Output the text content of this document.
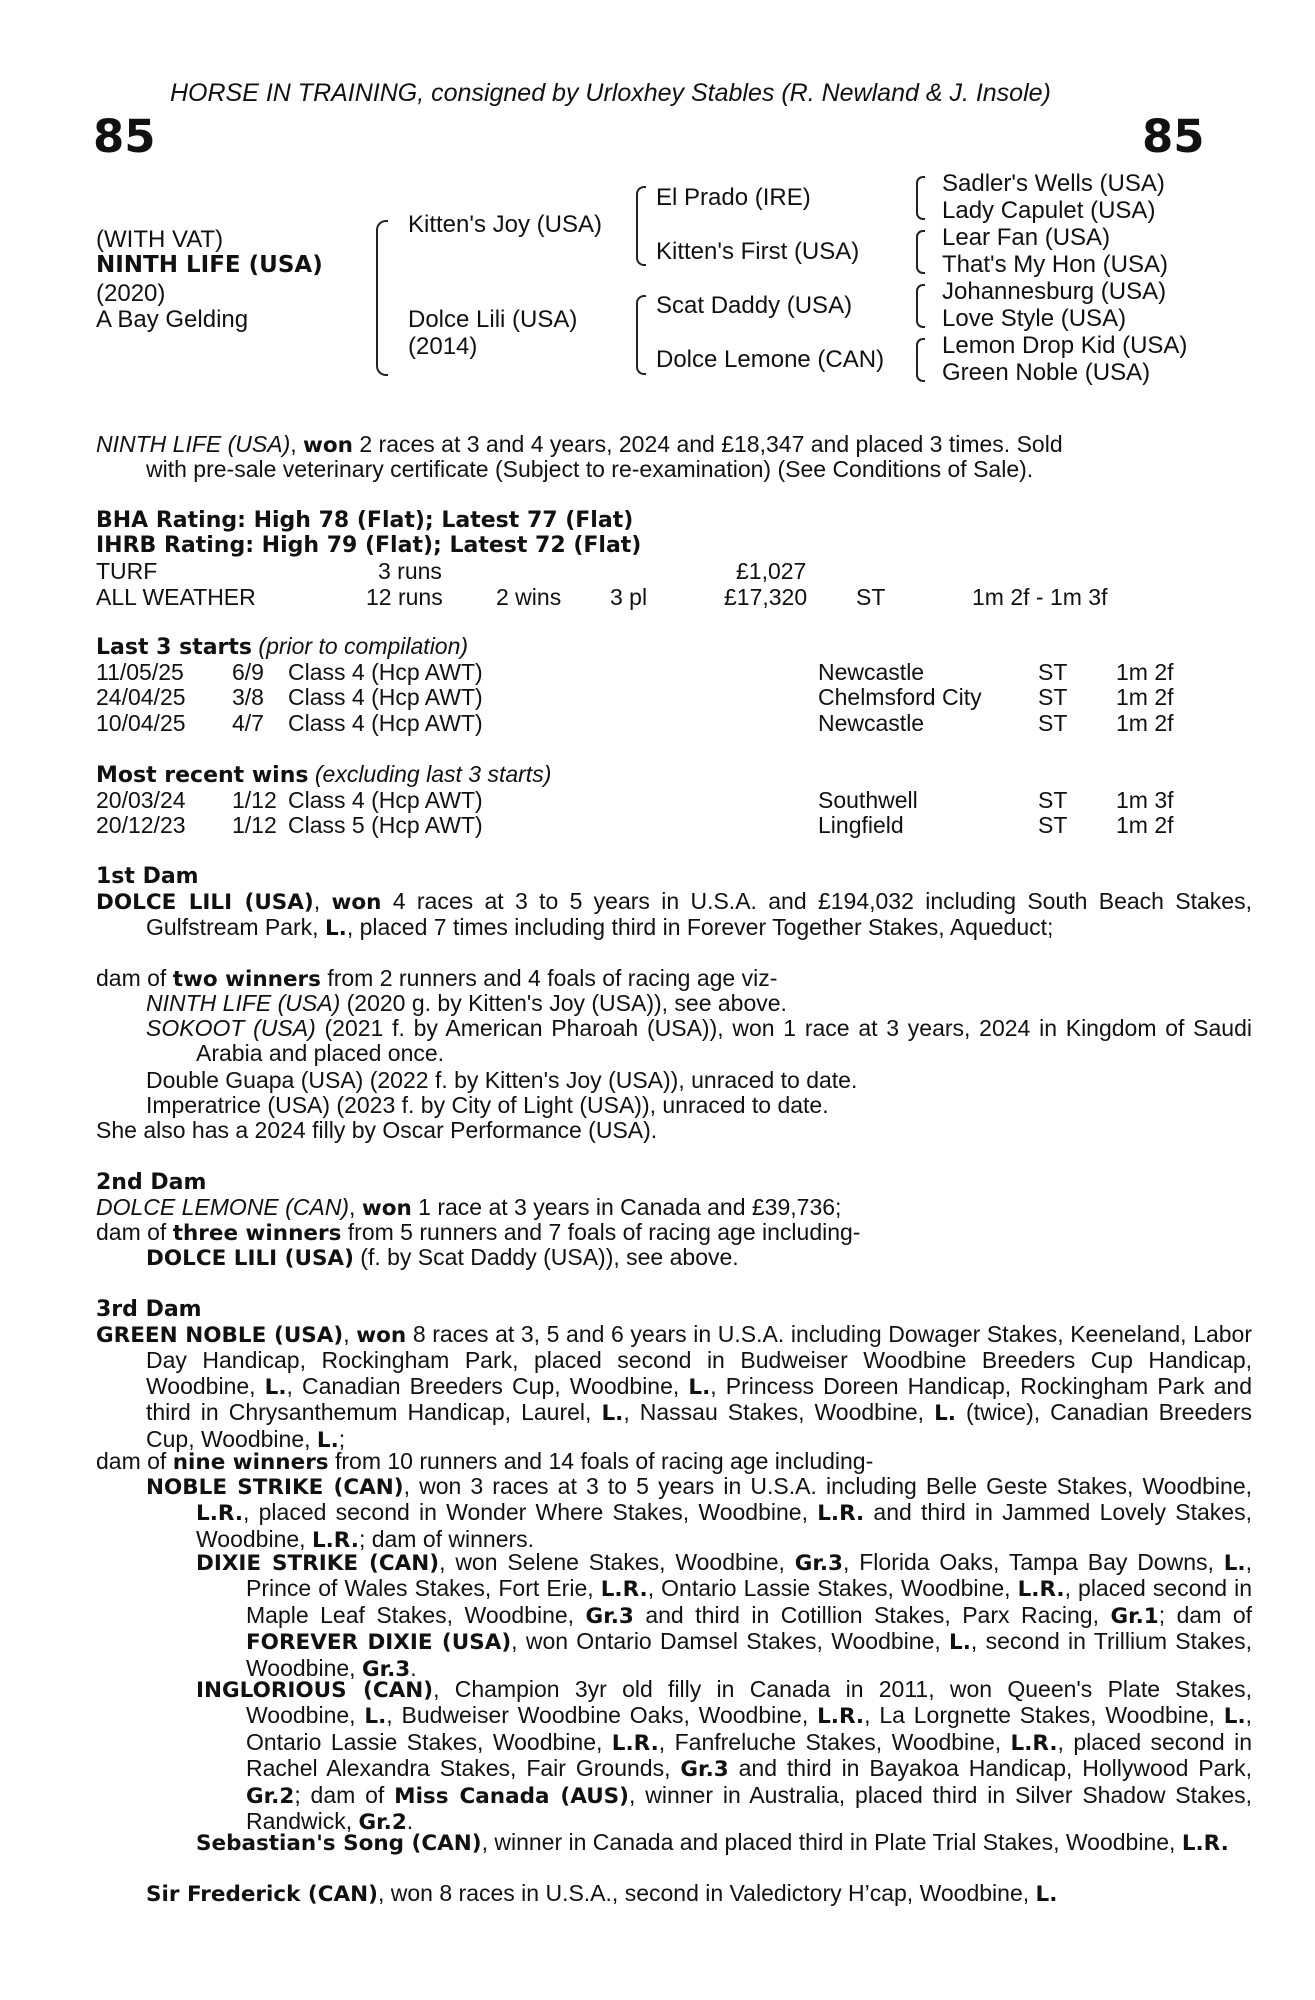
HORSE IN TRAINING, consigned by Urloxhey Stables (R. Newland & J. Insole)
85	85
(WITH VAT)
NINTH LIFE (USA)
(2020)
A Bay Gelding
Kitten's Joy (USA)
Dolce Lili (USA)
(2014)
El Prado (IRE)
Kitten's First (USA)
Scat Daddy (USA)
Dolce Lemone (CAN)
Sadler's Wells (USA)
Lady Capulet (USA)
Lear Fan (USA)
That's My Hon (USA)
Johannesburg (USA)
Love Style (USA)
Lemon Drop Kid (USA)
Green Noble (USA)
NINTH LIFE (USA), won 2 races at 3 and 4 years, 2024 and £18,347 and placed 3 times. Sold
with pre-sale veterinary certificate (Subject to re-examination) (See Conditions of Sale).
BHA Rating: High 78 (Flat); Latest 77 (Flat)
IHRB Rating: High 79 (Flat); Latest 72 (Flat)
TURF	3 runs	£1,027
ALL WEATHER	12 runs 2 wins 3 pl	£17,320 ST	1m 2f - 1m 3f
Last 3 starts (prior to compilation)
11/05/25 6/9 Class 4 (Hcp AWT)	Newcastle	ST 1m 2f
24/04/25 3/8 Class 4 (Hcp AWT)	Chelmsford City ST 1m 2f
10/04/25 4/7 Class 4 (Hcp AWT)	Newcastle	ST 1m 2f
Most recent wins (excluding last 3 starts)
20/03/24 1/12 Class 4 (Hcp AWT)	Southwell	ST 1m 3f
20/12/23 1/12 Class 5 (Hcp AWT)	Lingfield	ST 1m 2f
1st Dam
DOLCE LILI (USA), won 4 races at 3 to 5 years in U.S.A. and £194,032 including South Beach Stakes, Gulfstream Park, L., placed 7 times including third in Forever Together Stakes, Aqueduct;
dam of two winners from 2 runners and 4 foals of racing age viz-
NINTH LIFE (USA) (2020 g. by Kitten's Joy (USA)), see above.
SOKOOT (USA) (2021 f. by American Pharoah (USA)), won 1 race at 3 years, 2024 in Kingdom of Saudi Arabia and placed once.
Double Guapa (USA) (2022 f. by Kitten's Joy (USA)), unraced to date.
Imperatrice (USA) (2023 f. by City of Light (USA)), unraced to date.
She also has a 2024 filly by Oscar Performance (USA).
2nd Dam
DOLCE LEMONE (CAN), won 1 race at 3 years in Canada and £39,736;
dam of three winners from 5 runners and 7 foals of racing age including-
DOLCE LILI (USA) (f. by Scat Daddy (USA)), see above.
3rd Dam
GREEN NOBLE (USA), won 8 races at 3, 5 and 6 years in U.S.A. including Dowager Stakes, Keeneland, Labor Day Handicap, Rockingham Park, placed second in Budweiser Woodbine Breeders Cup Handicap, Woodbine, L., Canadian Breeders Cup, Woodbine, L., Princess Doreen Handicap, Rockingham Park and third in Chrysanthemum Handicap, Laurel, L., Nassau Stakes, Woodbine, L. (twice), Canadian Breeders Cup, Woodbine, L.;
dam of nine winners from 10 runners and 14 foals of racing age including-
NOBLE STRIKE (CAN), won 3 races at 3 to 5 years in U.S.A. including Belle Geste Stakes, Woodbine, L.R., placed second in Wonder Where Stakes, Woodbine, L.R. and third in Jammed Lovely Stakes, Woodbine, L.R.; dam of winners.
DIXIE STRIKE (CAN), won Selene Stakes, Woodbine, Gr.3, Florida Oaks, Tampa Bay Downs, L., Prince of Wales Stakes, Fort Erie, L.R., Ontario Lassie Stakes, Woodbine, L.R., placed second in Maple Leaf Stakes, Woodbine, Gr.3 and third in Cotillion Stakes, Parx Racing, Gr.1; dam of FOREVER DIXIE (USA), won Ontario Damsel Stakes, Woodbine, L., second in Trillium Stakes, Woodbine, Gr.3.
INGLORIOUS (CAN), Champion 3yr old filly in Canada in 2011, won Queen's Plate Stakes, Woodbine, L., Budweiser Woodbine Oaks, Woodbine, L.R., La Lorgnette Stakes, Woodbine, L., Ontario Lassie Stakes, Woodbine, L.R., Fanfreluche Stakes, Woodbine, L.R., placed second in Rachel Alexandra Stakes, Fair Grounds, Gr.3 and third in Bayakoa Handicap, Hollywood Park, Gr.2; dam of Miss Canada (AUS), winner in Australia, placed third in Silver Shadow Stakes, Randwick, Gr.2.
Sebastian's Song (CAN), winner in Canada and placed third in Plate Trial Stakes, Woodbine, L.R.
Sir Frederick (CAN), won 8 races in U.S.A., second in Valedictory H’cap, Woodbine, L.
